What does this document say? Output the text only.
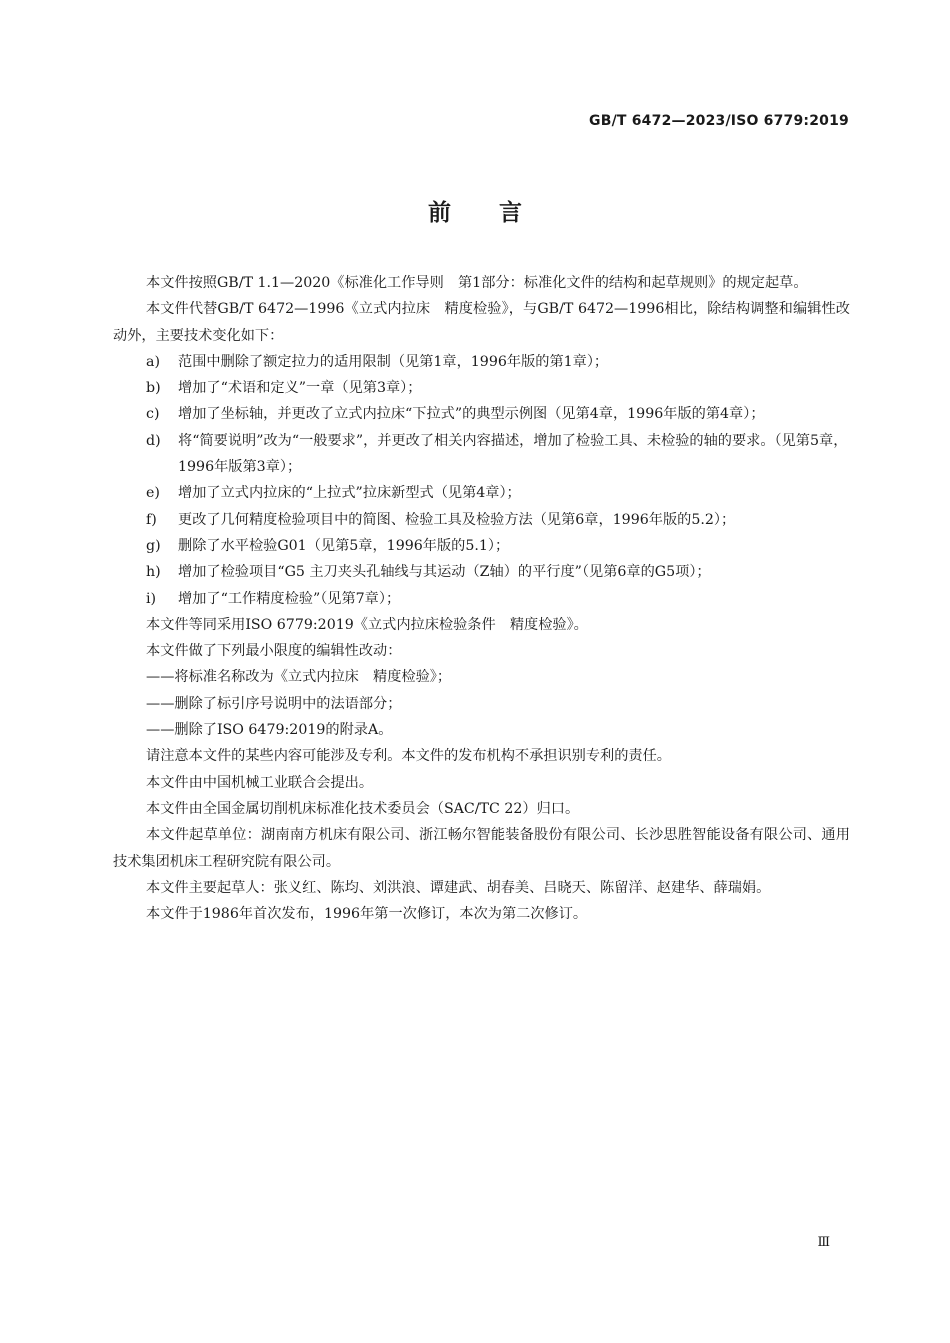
GB/T 6472—2023/ISO 6779:2019
前言

本文件按照GB/T 1.1—2020《标准化工作导则　第1部分：标准化文件的结构和起草规则》的规定起草。

本文件代替GB/T 6472—1996《立式内拉床　精度检验》，与GB/T 6472—1996相比，除结构调整和编辑性改动外，主要技术变化如下：

a)	范围中删除了额定拉力的适用限制（见第1章，1996年版的第1章）；
b)	增加了“术语和定义”一章（见第3章）；
c)	增加了坐标轴，并更改了立式内拉床“下拉式”的典型示例图（见第4章，1996年版的第4章）；
d)	将“简要说明”改为“一般要求”，并更改了相关内容描述，增加了检验工具、未检验的轴的要求。（见第5章，1996年版第3章）；
e)	增加了立式内拉床的“上拉式”拉床新型式（见第4章）；
f)	更改了几何精度检验项目中的简图、检验工具及检验方法（见第6章，1996年版的5.2）；
g)	删除了水平检验G01（见第5章，1996年版的5.1）；
h)	增加了检验项目“G5 主刀夹头孔轴线与其运动（Z轴）的平行度”（见第6章的G5项）；
i)	增加了“工作精度检验”（见第7章）；

本文件等同采用ISO 6779:2019《立式内拉床检验条件　精度检验》。

本文件做了下列最小限度的编辑性改动：

——将标准名称改为《立式内拉床　精度检验》；

——删除了标引序号说明中的法语部分；

——删除了ISO 6479:2019的附录A。

请注意本文件的某些内容可能涉及专利。本文件的发布机构不承担识别专利的责任。

本文件由中国机械工业联合会提出。

本文件由全国金属切削机床标准化技术委员会（SAC/TC 22）归口。

本文件起草单位：湖南南方机床有限公司、浙江畅尔智能装备股份有限公司、长沙思胜智能设备有限公司、通用技术集团机床工程研究院有限公司。

本文件主要起草人：张义红、陈均、刘洪浪、谭建武、胡春美、吕晓天、陈留洋、赵建华、薛瑞娟。

本文件于1986年首次发布，1996年第一次修订，本次为第二次修订。

Ⅲ
